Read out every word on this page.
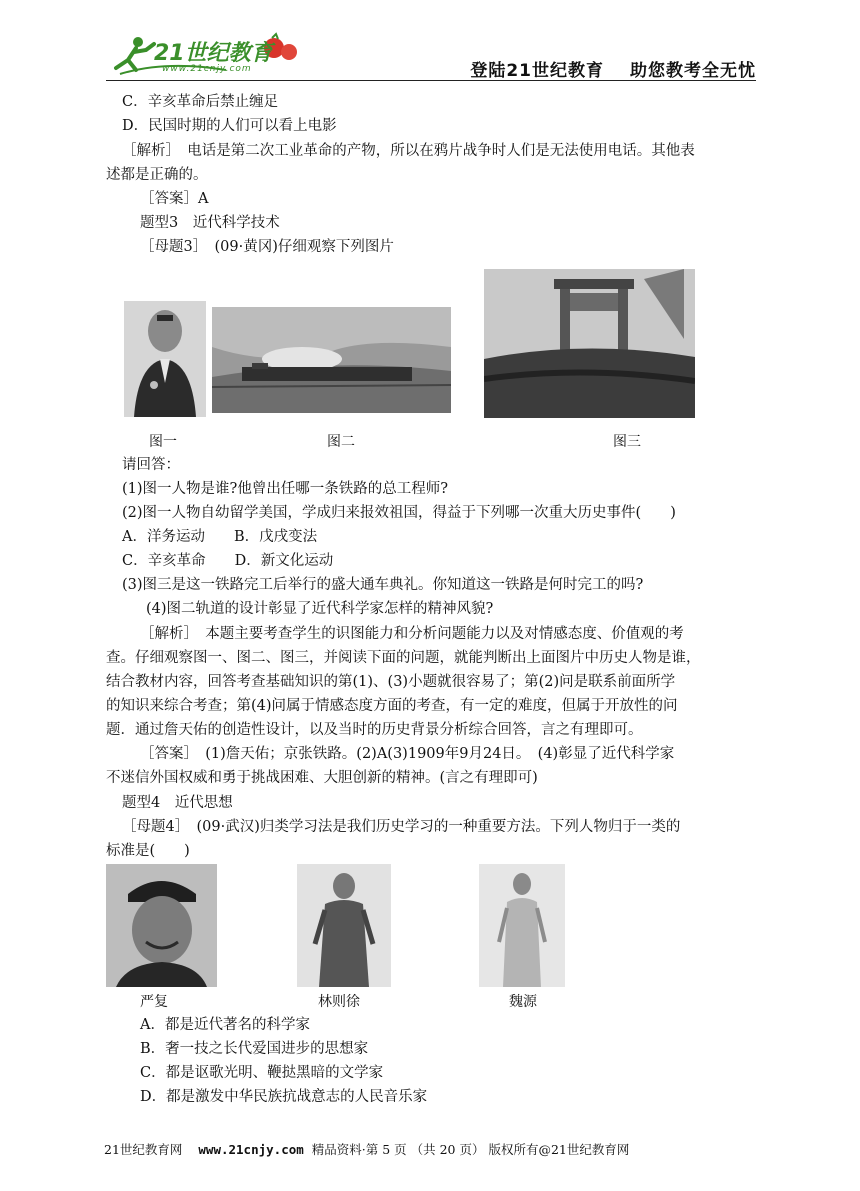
21世纪教育
www.21cnjy.com	登陆21世纪教育 助您教考全无忧
C．辛亥革命后禁止缠足
D．民国时期的人们可以看上电影
［解析］　电话是第二次工业革命的产物，所以在鸦片战争时人们是无法使用电话。其他表
述都是正确的。
［答案］A
题型3　近代科学技术
［母题3］　(09·黄冈)仔细观察下列图片
图一	图二	图三
请回答：
(1)图一人物是谁?他曾出任哪一条铁路的总工程师?
(2)图一人物自幼留学美国，学成归来报效祖国，得益于下列哪一次重大历史事件(　　)
A．洋务运动　　B．戊戌变法
C．辛亥革命　　D．新文化运动
(3)图三是这一铁路完工后举行的盛大通车典礼。你知道这一铁路是何时完工的吗?
(4)图二轨道的设计彰显了近代科学家怎样的精神风貌?
［解析］　本题主要考查学生的识图能力和分析问题能力以及对情感态度、价值观的考
查。仔细观察图一、图二、图三，并阅读下面的问题，就能判断出上面图片中历史人物是谁，
结合教材内容，回答考查基础知识的第(1)、(3)小题就很容易了；第(2)问是联系前面所学
的知识来综合考查；第(4)问属于情感态度方面的考查，有一定的难度，但属于开放性的问
题．通过詹天佑的创造性设计，以及当时的历史背景分析综合回答，言之有理即可。
［答案］　(1)詹天佑；京张铁路。(2)A(3)1909年9月24日。　(4)彰显了近代科学家
不迷信外国权威和勇于挑战困难、大胆创新的精神。(言之有理即可)
题型4　近代思想
［母题4］　(09·武汉)归类学习法是我们历史学习的一种重要方法。下列人物归于一类的
标准是(　　)
严复	林则徐	魏源
A．都是近代著名的科学家
B．奢一技之长代爱国进步的思想家
C．都是讴歌光明、鞭挞黑暗的文学家
D．都是激发中华民族抗战意志的人民音乐家
21世纪教育网 www.21cnjy.com 精品资料·第 5 页 （共 20 页） 版权所有@21世纪教育网
